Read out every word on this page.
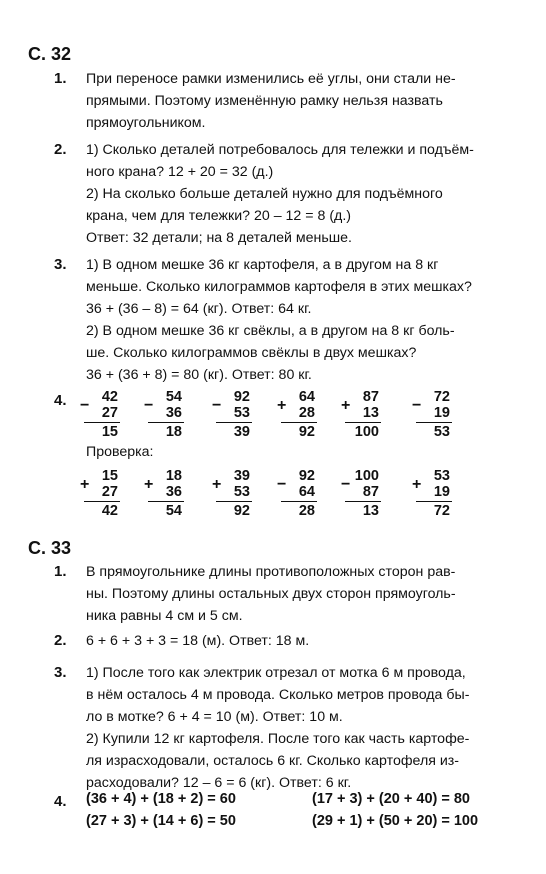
С. 32
1. При переносе рамки изменились её углы, они стали не-
прямыми. Поэтому изменённую рамку нельзя назвать
прямоугольником.
2. 1) Сколько деталей потребовалось для тележки и подъём-
ного крана? 12 + 20 = 32 (д.)
2) На сколько больше деталей нужно для подъёмного
крана, чем для тележки? 20 – 12 = 8 (д.)
Ответ: 32 детали; на 8 деталей меньше.
3. 1) В одном мешке 36 кг картофеля, а в другом на 8 кг
меньше. Сколько килограммов картофеля в этих мешках?
36 + (36 – 8) = 64 (кг). Ответ: 64 кг.
2) В одном мешке 36 кг свёклы, а в другом на 8 кг боль-
ше. Сколько килограммов свёклы в двух мешках?
36 + (36 + 8) = 80 (кг). Ответ: 80 кг.
4. 42
− 27
15
54
− 36
18
92
− 53
39
64
+ 28
92
87
+ 13
100
72
− 19
53
Проверка:
15
+ 27
42
18
+ 36
54
39
+ 53
92
92
− 64
28
100
− 87
13
53
+ 19
72
С. 33
1. В прямоугольнике длины противоположных сторон рав-
ны. Поэтому длины остальных двух сторон прямоуголь-
ника равны 4 см и 5 см.
2. 6 + 6 + 3 + 3 = 18 (м). Ответ: 18 м.
3. 1) После того как электрик отрезал от мотка 6 м провода,
в нём осталось 4 м провода. Сколько метров провода бы-
ло в мотке? 6 + 4 = 10 (м). Ответ: 10 м.
2) Купили 12 кг картофеля. После того как часть картофе-
ля израсходовали, осталось 6 кг. Сколько картофеля из-
расходовали? 12 – 6 = 6 (кг). Ответ: 6 кг.
4. (36 + 4) + (18 + 2) = 60	(17 + 3) + (20 + 40) = 80
(27 + 3) + (14 + 6) = 50	(29 + 1) + (50 + 20) = 100
